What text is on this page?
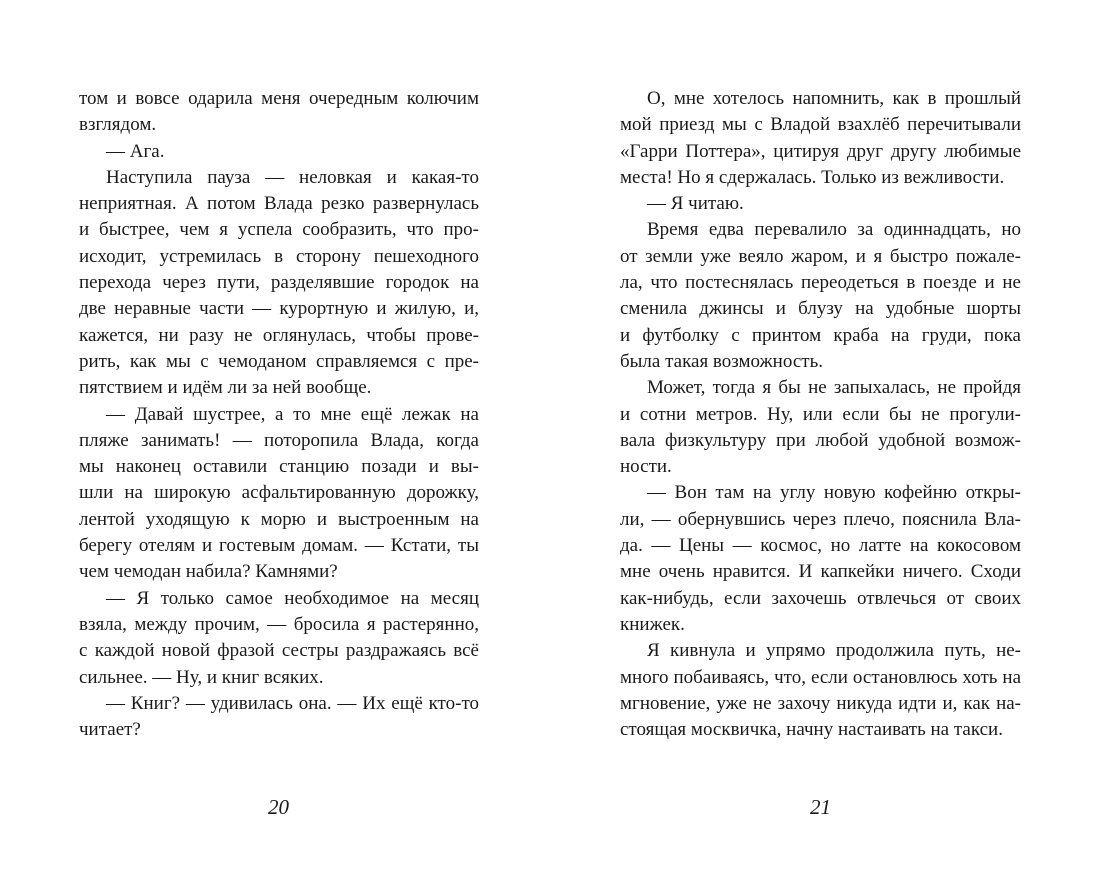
том и вовсе одарила меня очередным колючим
взглядом.
— Ага.
Наступила пауза — неловкая и какая-то
неприятная. А потом Влада резко развернулась
и быстрее, чем я успела сообразить, что про-
исходит, устремилась в сторону пешеходного
перехода через пути, разделявшие городок на
две неравные части — курортную и жилую, и,
кажется, ни разу не оглянулась, чтобы прове-
рить, как мы с чемоданом справляемся с пре-
пятствием и идём ли за ней вообще.
— Давай шустрее, а то мне ещё лежак на
пляже занимать! — поторопила Влада, когда
мы наконец оставили станцию позади и вы-
шли на широкую асфальтированную дорожку,
лентой уходящую к морю и выстроенным на
берегу отелям и гостевым домам. — Кстати, ты
чем чемодан набила? Камнями?
— Я только самое необходимое на месяц
взяла, между прочим, — бросила я растерянно,
с каждой новой фразой сестры раздражаясь всё
сильнее. — Ну, и книг всяких.
— Книг? — удивилась она. — Их ещё кто-то
читает?
О, мне хотелось напомнить, как в прошлый
мой приезд мы с Владой взахлёб перечитывали
«Гарри Поттера», цитируя друг другу любимые
места! Но я сдержалась. Только из вежливости.
— Я читаю.
Время едва перевалило за одиннадцать, но
от земли уже веяло жаром, и я быстро пожале-
ла, что постеснялась переодеться в поезде и не
сменила джинсы и блузу на удобные шорты
и футболку с принтом краба на груди, пока
была такая возможность.
Может, тогда я бы не запыхалась, не пройдя
и сотни метров. Ну, или если бы не прогули-
вала физкультуру при любой удобной возмож-
ности.
— Вон там на углу новую кофейню откры-
ли, — обернувшись через плечо, пояснила Вла-
да. — Цены — космос, но латте на кокосовом
мне очень нравится. И капкейки ничего. Сходи
как-нибудь, если захочешь отвлечься от своих
книжек.
Я кивнула и упрямо продолжила путь, не-
много побаиваясь, что, если остановлюсь хоть на
мгновение, уже не захочу никуда идти и, как на-
стоящая москвичка, начну настаивать на такси.
20	21
